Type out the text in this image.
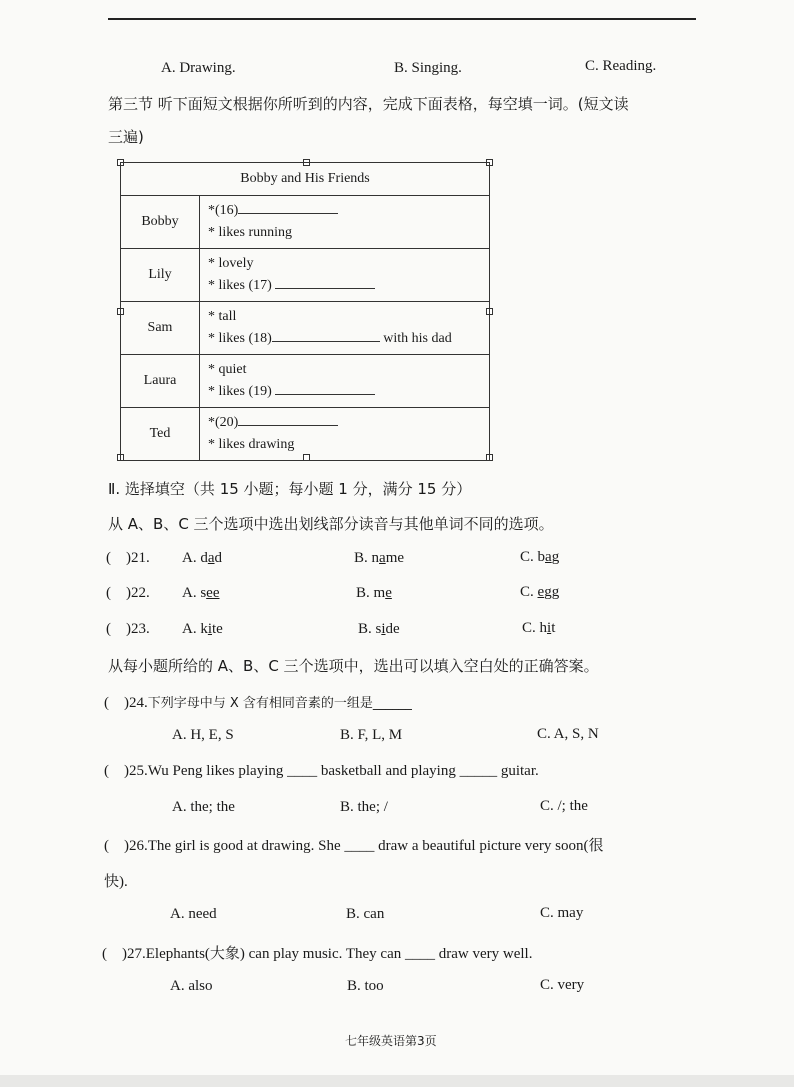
A. Drawing.	B. Singing.	C. Reading.
第三节 听下面短文根据你所听到的内容，完成下面表格，每空填一词。(短文读
三遍)
Bobby and His Friends	
Bobby	*(16)
* likes running

Lily	* lovely
* likes (17)

Sam	* tall
* likes (18) with his dad

Laura	* quiet
* likes (19)

Ted	*(20)
* likes drawing
Ⅱ. 选择填空（共 15 小题；每小题 1 分，满分 15 分）
从 A、B、C 三个选项中选出划线部分读音与其他单词不同的选项。
( )21. A. dad	B. name	C. bag
( )22. A. see	B. me	C. egg
( )23. A. kite	B. side	C. hit
从每小题所给的 A、B、C 三个选项中，选出可以填入空白处的正确答案。
( )24.下列字母中与 X 含有相同音素的一组是______
A. H, E, S	B. F, L, M	C. A, S, N
( )25.Wu Peng likes playing ____ basketball and playing _____ guitar.
A. the; the	B. the; /	C. /; the
( )26.The girl is good at drawing. She ____ draw a beautiful picture very soon(很
快).
A. need	B. can	C. may
( )27.Elephants(大象) can play music. They can ____ draw very well.
A. also	B. too	C. very
七年级英语第3页
